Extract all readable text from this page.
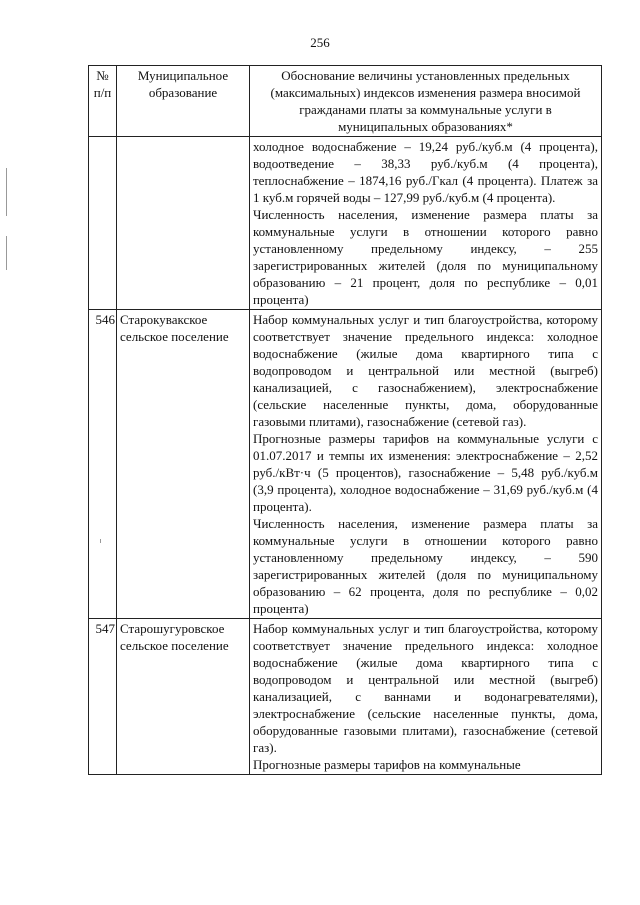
256
№ п/п	Муниципальное образование	Обоснование величины установленных предельных (максимальных) индексов изменения размера вносимой гражданами платы за коммунальные услуги в муниципальных образованиях*

		холодное водоснабжение – 19,24 руб./куб.м (4 процента), водоотведение – 38,33 руб./куб.м (4 процента), теплоснабжение – 1874,16 руб./Гкал (4 процента). Платеж за 1 куб.м горячей воды – 127,99 руб./куб.м (4 процента).

Численность населения, изменение размера платы за коммунальные услуги в отношении которого равно установленному предельному индексу, – 255 зарегистрированных жителей (доля по муниципальному образованию – 21 процент, доля по республике – 0,01 процента)

546	Старокувакское сельское поселение	Набор коммунальных услуг и тип благоустройства, которому соответствует значение предельного индекса: холодное водоснабжение (жилые дома квартирного типа с водопроводом и центральной или местной (выгреб) канализацией, с газоснабжением), электроснабжение (сельские населенные пункты, дома, оборудованные газовыми плитами), газоснабжение (сетевой газ).

Прогнозные размеры тарифов на коммунальные услуги с 01.07.2017 и темпы их изменения: электроснабжение – 2,52 руб./кВт·ч (5 процентов), газоснабжение – 5,48 руб./куб.м (3,9 процента), холодное водоснабжение – 31,69 руб./куб.м (4 процента).

Численность населения, изменение размера платы за коммунальные услуги в отношении которого равно установленному предельному индексу, – 590 зарегистрированных жителей (доля по муниципальному образованию – 62 процента, доля по республике – 0,02 процента)

547	Старошугуровское сельское поселение	Набор коммунальных услуг и тип благоустройства, которому соответствует значение предельного индекса: холодное водоснабжение (жилые дома квартирного типа с водопроводом и центральной или местной (выгреб) канализацией, с ваннами и водонагревателями), электроснабжение (сельские населенные пункты, дома, оборудованные газовыми плитами), газоснабжение (сетевой газ).

Прогнозные размеры тарифов на коммунальные
